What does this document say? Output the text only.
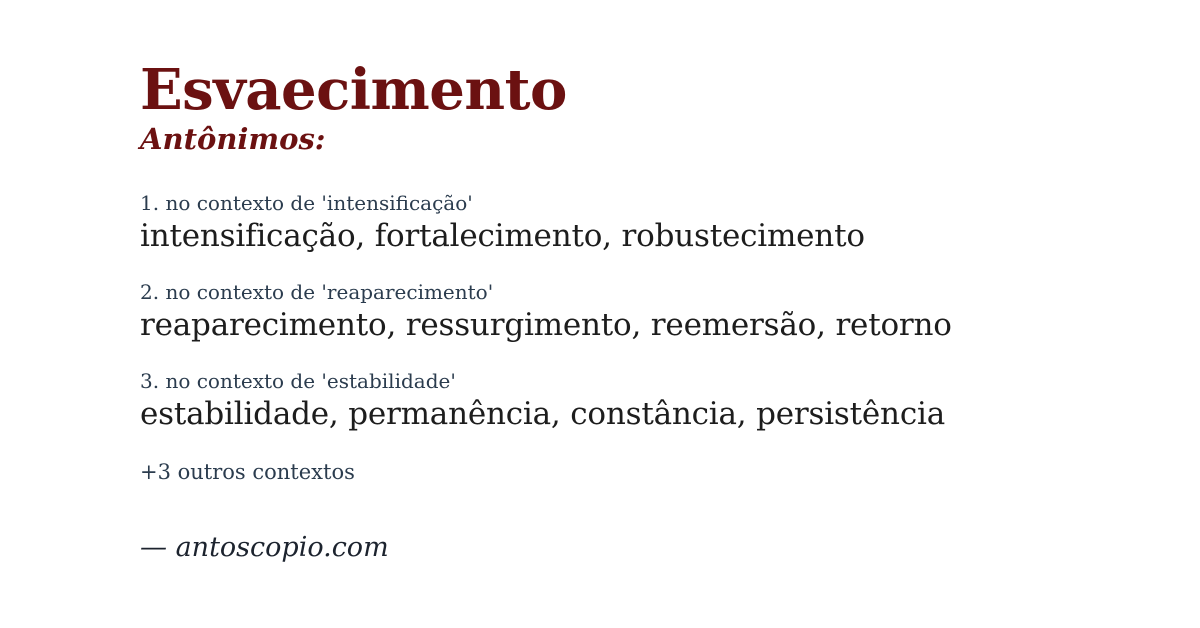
Esvaecimento
Antônimos:
1. no contexto de 'intensificação'
intensificação, fortalecimento, robustecimento
2. no contexto de 'reaparecimento'
reaparecimento, ressurgimento, reemersão, retorno
3. no contexto de 'estabilidade'
estabilidade, permanência, constância, persistência
+3 outros contextos
— antoscopio.com
